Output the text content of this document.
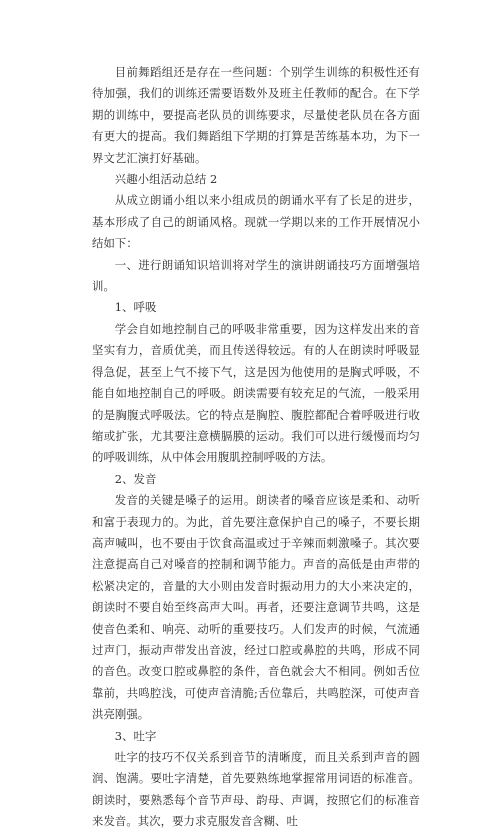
目前舞蹈组还是存在一些问题：个别学生训练的积极性还有待加强，我们的训练还需要语数外及班主任教师的配合。在下学期的训练中，要提高老队员的训练要求，尽量使老队员在各方面有更大的提高。我们舞蹈组下学期的打算是苦练基本功，为下一界文艺汇演打好基础。

兴趣小组活动总结 2

从成立朗诵小组以来小组成员的朗诵水平有了长足的进步，基本形成了自己的朗诵风格。现就一学期以来的工作开展情况小结如下：

一、进行朗诵知识培训将对学生的演讲朗诵技巧方面增强培训。

1、呼吸

学会自如地控制自己的呼吸非常重要，因为这样发出来的音坚实有力，音质优美，而且传送得较远。有的人在朗读时呼吸显得急促，甚至上气不接下气，这是因为他使用的是胸式呼吸，不能自如地控制自己的呼吸。朗读需要有较充足的气流，一般采用的是胸腹式呼吸法。它的特点是胸腔、腹腔都配合着呼吸进行收缩或扩张，尤其要注意横膈膜的运动。我们可以进行缓慢而均匀的呼吸训练，从中体会用腹肌控制呼吸的方法。

2、发音

发音的关键是嗓子的运用。朗读者的嗓音应该是柔和、动听和富于表现力的。为此，首先要注意保护自己的嗓子，不要长期高声喊叫，也不要由于饮食高温或过于辛辣而刺激嗓子。其次要注意提高自己对嗓音的控制和调节能力。声音的高低是由声带的松紧决定的，音量的大小则由发音时振动用力的大小来决定的，朗读时不要自始至终高声大叫。再者，还要注意调节共鸣，这是使音色柔和、响亮、动听的重要技巧。人们发声的时候，气流通过声门，振动声带发出音波，经过口腔或鼻腔的共鸣，形成不同的音色。改变口腔或鼻腔的条件，音色就会大不相同。例如舌位靠前，共鸣腔浅，可使声音清脆;舌位靠后，共鸣腔深，可使声音洪亮刚强。

3、吐字

吐字的技巧不仅关系到音节的清晰度，而且关系到声音的圆润、饱满。要吐字清楚，首先要熟练地掌握常用词语的标准音。朗读时，要熟悉每个音节声母、韵母、声调，按照它们的标准音来发音。其次，要力求克服发音含糊、吐
